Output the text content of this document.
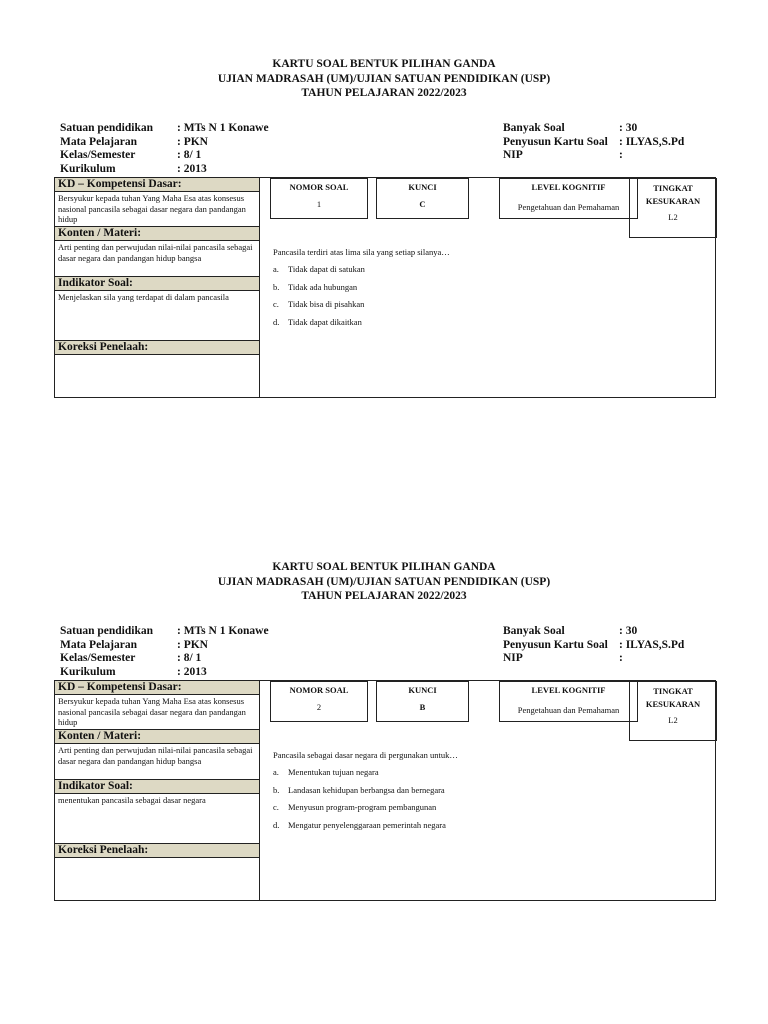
KARTU SOAL BENTUK PILIHAN GANDA
UJIAN MADRASAH (UM)/UJIAN SATUAN PENDIDIKAN (USP)
TAHUN PELAJARAN 2022/2023
Satuan pendidikan : MTs N 1 Konawe
Mata Pelajaran	: PKN
Kelas/Semester	: 8/ 1
Kurikulum	: 2013
Banyak Soal	: 30
Penyusun Kartu Soal : ILYAS,S.Pd
NIP	:
KD – Kompetensi Dasar:
Bersyukur kepada tuhan Yang Maha Esa atas konsesus nasional pancasila sebagai dasar negara dan pandangan hidup
Konten / Materi:
Arti penting dan perwujudan nilai-nilai pancasila sebagai dasar negara dan pandangan hidup bangsa
Indikator Soal:
Menjelaskan sila yang terdapat di dalam pancasila
Koreksi Penelaah:
NOMOR SOAL
1
KUNCI
C
LEVEL KOGNITIF
Pengetahuan dan Pemahaman
TINGKAT KESUKARAN
L2
Pancasila terdiri atas lima sila yang setiap silanya…
a. Tidak dapat di satukan
b. Tidak ada hubungan
c. Tidak bisa di pisahkan
d. Tidak dapat dikaitkan
KARTU SOAL BENTUK PILIHAN GANDA
UJIAN MADRASAH (UM)/UJIAN SATUAN PENDIDIKAN (USP)
TAHUN PELAJARAN 2022/2023
Satuan pendidikan : MTs N 1 Konawe
Mata Pelajaran	: PKN
Kelas/Semester	: 8/ 1
Kurikulum	: 2013
Banyak Soal	: 30
Penyusun Kartu Soal : ILYAS,S.Pd
NIP	:
KD – Kompetensi Dasar:
Bersyukur kepada tuhan Yang Maha Esa atas konsesus nasional pancasila sebagai dasar negara dan pandangan hidup
Konten / Materi:
Arti penting dan perwujudan nilai-nilai pancasila sebagai dasar negara dan pandangan hidup bangsa
Indikator Soal:
menentukan pancasila sebagai dasar negara
Koreksi Penelaah:
NOMOR SOAL
2
KUNCI
B
LEVEL KOGNITIF
Pengetahuan dan Pemahaman
TINGKAT KESUKARAN
L2
Pancasila sebagai dasar negara di pergunakan untuk…
a. Menentukan tujuan negara
b. Landasan kehidupan berbangsa dan bernegara
c. Menyusun program-program pembangunan
d. Mengatur penyelenggaraan pemerintah negara
